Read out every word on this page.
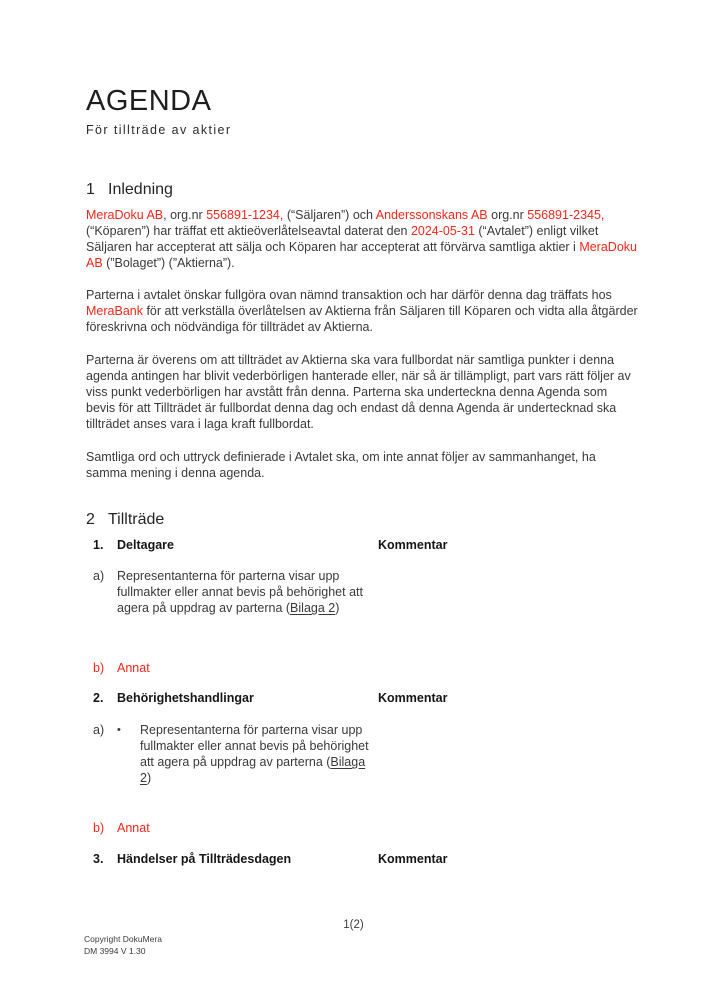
AGENDA
För tillträde av aktier
1 Inledning

MeraDoku AB, org.nr 556891-1234, (“Säljaren”) och Anderssonskans AB org.nr 556891-2345, (“Köparen”) har träffat ett aktieöverlåtelseavtal daterat den 2024-05-31 (“Avtalet”) enligt vilket Säljaren har accepterat att sälja och Köparen har accepterat att förvärva samtliga aktier i MeraDoku AB (”Bolaget”) (”Aktierna”).

Parterna i avtalet önskar fullgöra ovan nämnd transaktion och har därför denna dag träffats hos MeraBank för att verkställa överlåtelsen av Aktierna från Säljaren till Köparen och vidta alla åtgärder föreskrivna och nödvändiga för tillträdet av Aktierna.

Parterna är överens om att tillträdet av Aktierna ska vara fullbordat när samtliga punkter i denna agenda antingen har blivit vederbörligen hanterade eller, när så är tillämpligt, part vars rätt följer av viss punkt vederbörligen har avstått från denna. Parterna ska underteckna denna Agenda som bevis för att Tillträdet är fullbordat denna dag och endast då denna Agenda är undertecknad ska tillträdet anses vara i laga kraft fullbordat.

Samtliga ord och uttryck definierade i Avtalet ska, om inte annat följer av sammanhanget, ha samma mening i denna agenda.

2 Tillträde
1.	Deltagare	Kommentar
a)	Representanterna för parterna visar upp fullmakter eller annat bevis på behörighet att agera på uppdrag av parterna (Bilaga 2)
b)	Annat
2.	Behörighetshandlingar	Kommentar
a)	•	Representanterna för parterna visar upp fullmakter eller annat bevis på behörighet att agera på uppdrag av parterna (Bilaga 2)
b)	Annat
3.	Händelser på Tillträdesdagen	Kommentar
1(2)
Copyright DokuMera
DM 3994 V 1.30
